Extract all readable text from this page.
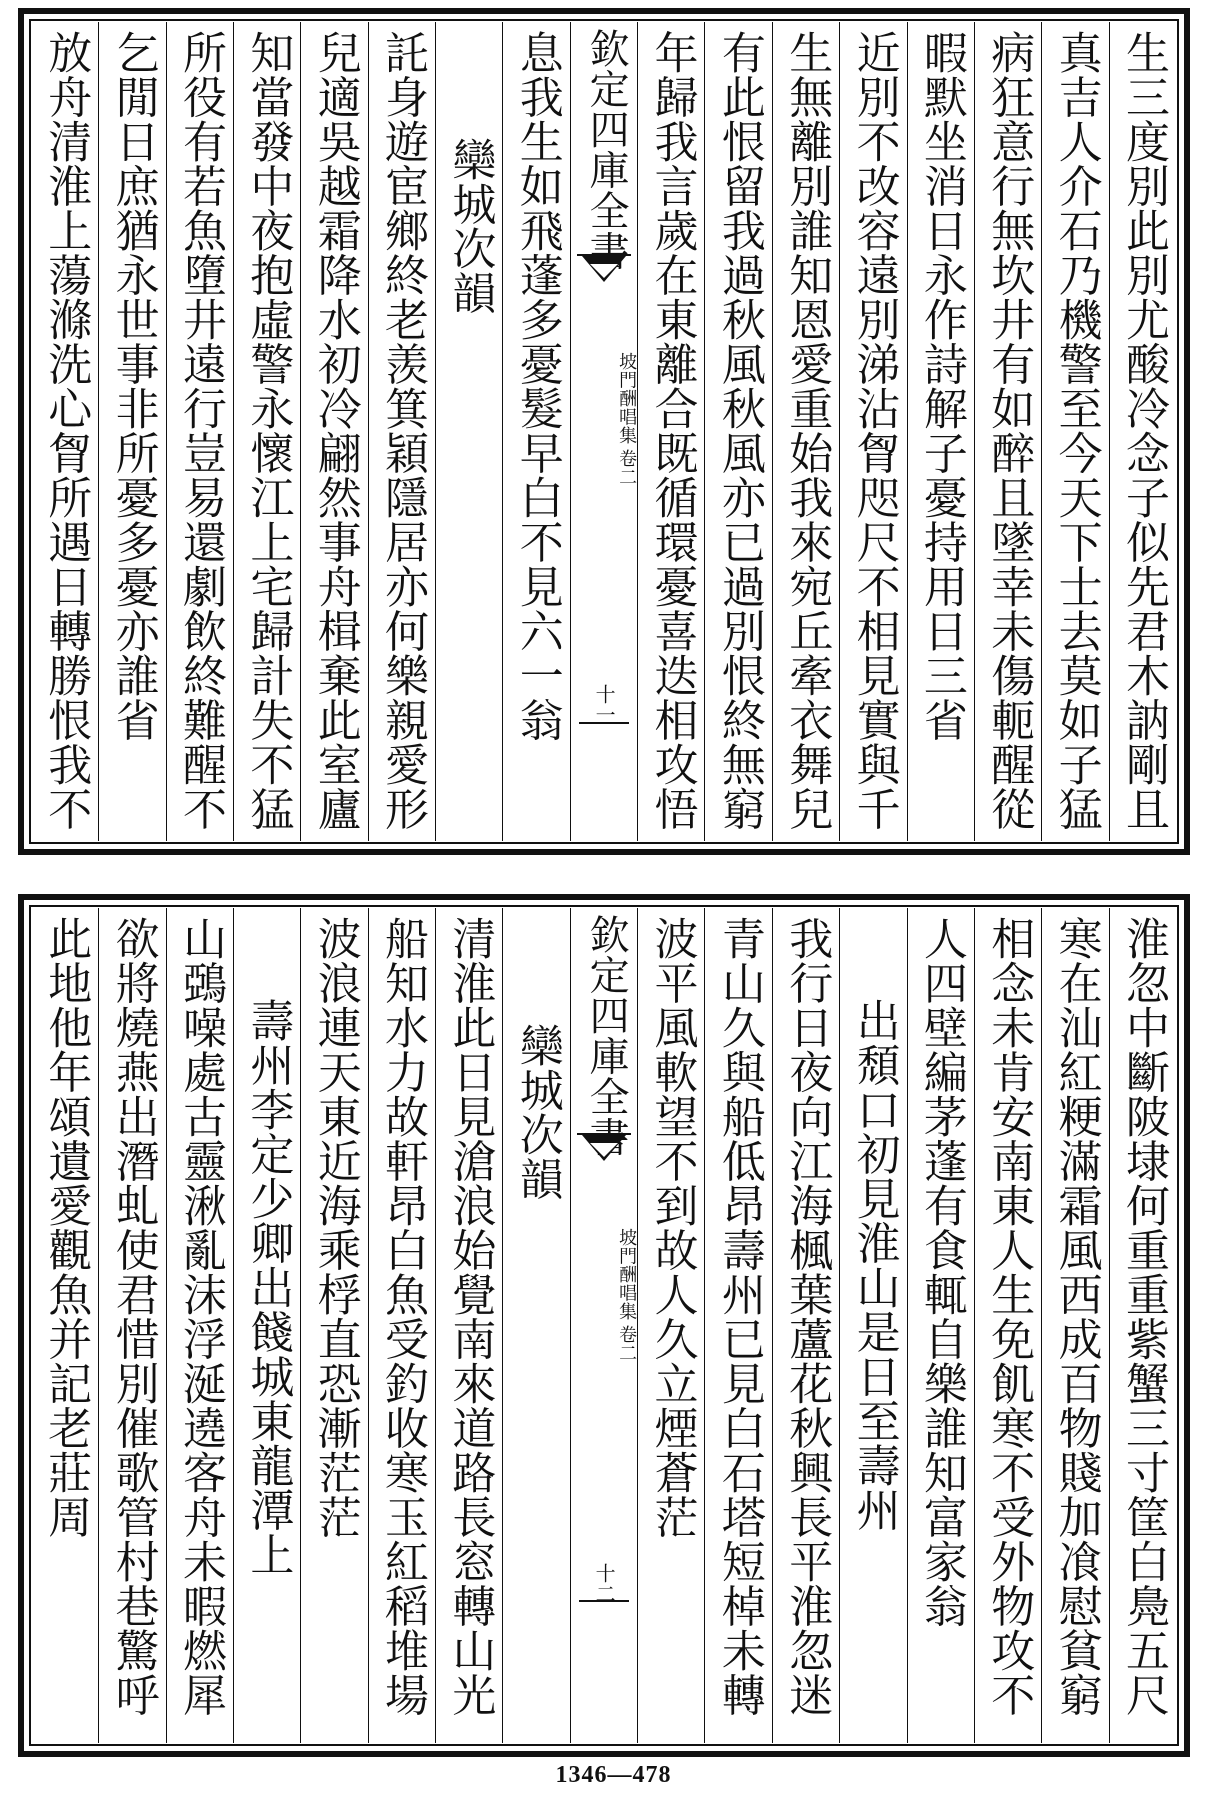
生三度別此別尤酸冷念子似先君木訥剛且
真吉人介石乃機警至今天下士去莫如子猛
病狂意行無坎井有如醉且墜幸未傷軛醒從
暇默坐消日永作詩解子憂持用日三省
近別不改容遠別涕沾胷咫尺不相見實與千
生無離別誰知恩愛重始我來宛丘牽衣舞兒
有此恨留我過秋風秋風亦已過別恨終無窮
年歸我言歲在東離合既循環憂喜迭相攻悟
欽定四庫全書
坡門酬唱集
卷二
十一
息我生如飛蓬多憂髮早白不見六一翁
欒城次韻
託身遊宦鄉終老羡箕穎隱居亦何樂親愛形
兒適吳越霜降水初冷翩然事舟楫棄此室廬
知當發中夜抱虛警永懷江上宅歸計失不猛
所役有若魚墮井遠行豈易還劇飲終難醒不
乞閒日庶猶永世事非所憂多憂亦誰省
放舟清淮上蕩滌洗心胷所遇日轉勝恨我不
淮忽中斷陂埭何重重紫蟹三寸筐白鳧五尺
寒在汕紅粳滿霜風西成百物賤加飡慰貧窮
相念未肯安南東人生免飢寒不受外物攻不
人四壁編茅蓬有食輒自樂誰知富家翁
出頹口初見淮山是日至壽州
我行日夜向江海楓葉蘆花秋興長平淮忽迷
青山久與船低昂壽州已見白石塔短棹未轉
波平風軟望不到故人久立煙蒼茫
欽定四庫全書
坡門酬唱集
卷二
十二
欒城次韻
清淮此日見滄浪始覺南來道路長窓轉山光
船知水力故軒昂白魚受釣收寒玉紅稻堆場
波浪連天東近海乘桴直恐漸茫茫
壽州李定少卿出餞城東龍潭上
山鵶噪處古靈湫亂沫浮涎遶客舟未暇燃犀
欲將燒燕出潛虬使君惜別催歌管村巷驚呼
此地他年頌遺愛觀魚并記老莊周
1346—478
